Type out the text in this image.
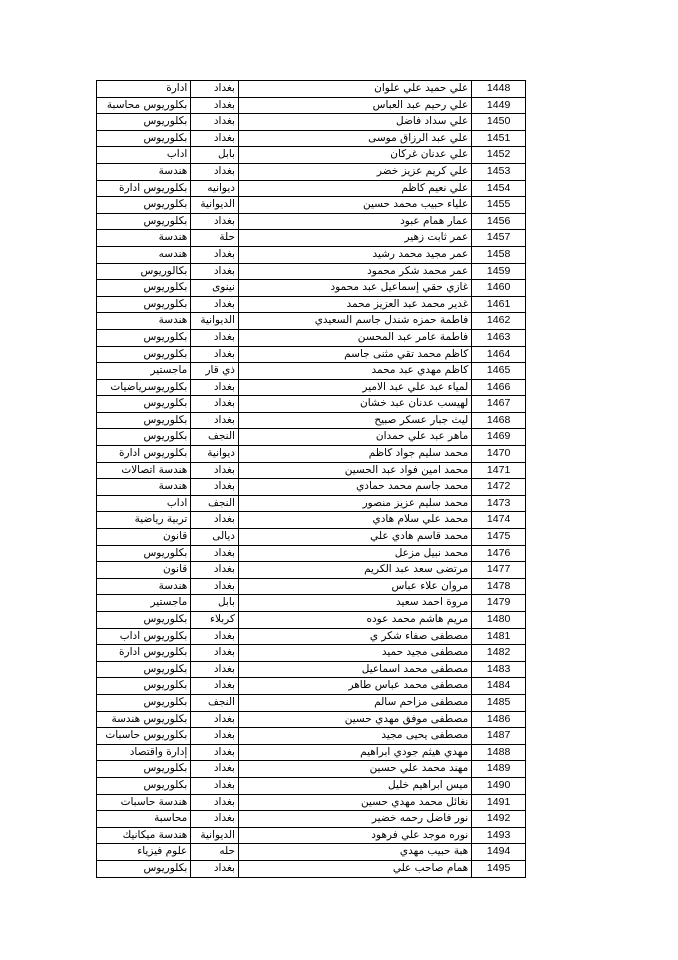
ادارة	بغداد	علي حميد علي علوان	1448
بكلوريوس محاسبة	بغداد	علي رحيم عبد العباس	1449
بكلوريوس	بغداد	علي سداد فاضل	1450
بكلوريوس	بغداد	علي عبد الرزاق موسى	1451
اداب	بابل	علي عدنان غركان	1452
هندسة	بغداد	علي كريم عزيز خضر	1453
بكلوريوس ادارة	ديوانيه	علي نعيم كاظم	1454
بكلوريوس	الديوانية	علياء حبيب محمد حسين	1455
بكلوريوس	بغداد	عمار همام عبود	1456
هندسة	حلة	عمر ثابت زهير	1457
هندسه	بغداد	عمر مجيد محمد رشيد	1458
بكالوريوس	بغداد	عمر محمد شكر محمود	1459
بكلوريوس	نينوى	غازي حقي إسماعيل عبد محمود	1460
بكلوريوس	بغداد	غدير محمد عبد العزيز محمد	1461
هندسة	الديوانية	فاطمة حمزه شندل جاسم السعيدي	1462
بكلوريوس	بغداد	فاطمة عامر عبد المحسن	1463
بكلوريوس	بغداد	كاظم محمد تقي مثنى جاسم	1464
ماجستير	ذي قار	كاظم مهدي عبد محمد	1465
بكلوريوسرياضيات	بغداد	لمياء عبد علي عبد الامير	1466
بكلوريوس	بغداد	لهيسب عدنان عبد خشان	1467
بكلوريوس	بغداد	ليث جبار عسكر صبيح	1468
بكلوريوس	النجف	ماهر عبد علي حمدان	1469
بكلوريوس ادارة	ديوانية	محمد سليم جواد كاظم	1470
هندسة اتصالات	بغداد	محمد امين فواد عبد الحسين	1471
هندسة	بغداد	محمد جاسم محمد حمادي	1472
اداب	النجف	محمد سليم عزيز منصور	1473
تربية رياضية	بغداد	محمد علي سلام هادي	1474
قانون	ديالى	محمد قاسم هادي علي	1475
بكلوريوس	بغداد	محمد نبيل مزعل	1476
قانون	بغداد	مرتضى سعد عبد الكريم	1477
هندسة	بغداد	مروان علاء عباس	1478
ماجستير	بابل	مروة احمد سعيد	1479
بكلوريوس	كربلاء	مريم هاشم محمد عوده	1480
بكلوريوس اداب	بغداد	مصطفى صفاء شكر ي	1481
بكلوريوس ادارة	بغداد	مصطفى مجيد حميد	1482
بكلوريوس	بغداد	مصطفى محمد اسماعيل	1483
بكلوريوس	بغداد	مصطفى محمد عباس طاهر	1484
بكلوريوس	النجف	مصطفى مزاحم سالم	1485
بكلوريوس هندسة	بغداد	مصطفى موفق مهدي حسين	1486
بكلوريوس حاسبات	بغداد	مصطفى يحيى مجيد	1487
إدارة واقتصاد	بغداد	مهدي هيثم جودي ابراهيم	1488
بكلوريوس	بغداد	مهند محمد علي حسين	1489
بكلوريوس	بغداد	ميس ابراهيم خليل	1490
هندسة حاسبات	بغداد	نغائل محمد مهدي حسين	1491
محاسبة	بغداد	نور فاضل رحمه خضير	1492
هندسة ميكانيك	الديوانية	نوره موجد علي فرهود	1493
علوم فيزياء	حله	هبة حبيب مهدي	1494
بكلوريوس	بغداد	همام صاحب علي	1495
